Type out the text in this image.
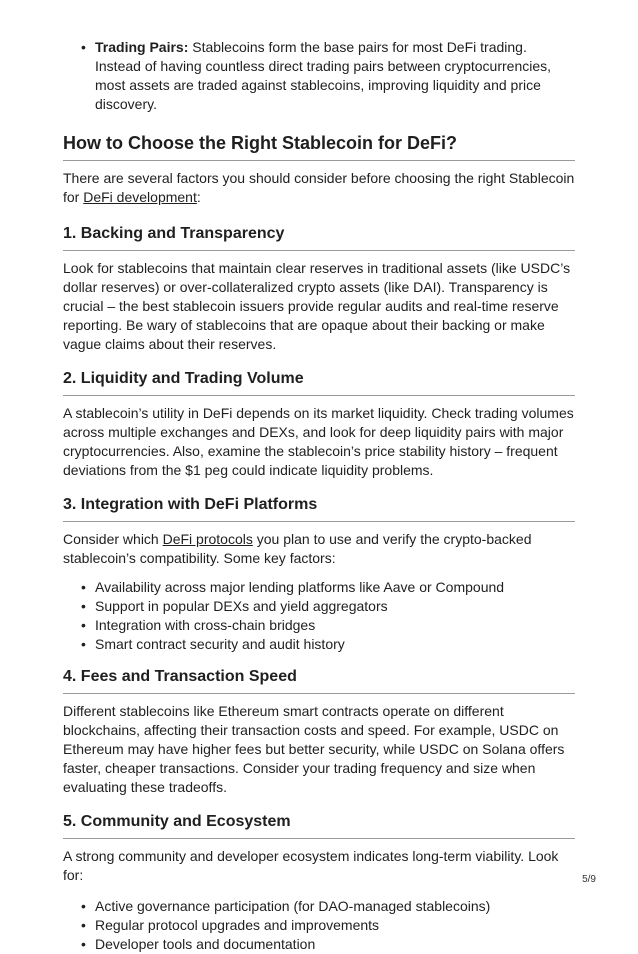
• Trading Pairs: Stablecoins form the base pairs for most DeFi trading. Instead of having countless direct trading pairs between cryptocurrencies, most assets are traded against stablecoins, improving liquidity and price discovery.
How to Choose the Right Stablecoin for DeFi?

There are several factors you should consider before choosing the right Stablecoin for DeFi development:

1. Backing and Transparency

Look for stablecoins that maintain clear reserves in traditional assets (like USDC’s dollar reserves) or over-collateralized crypto assets (like DAI). Transparency is crucial – the best stablecoin issuers provide regular audits and real-time reserve reporting. Be wary of stablecoins that are opaque about their backing or make vague claims about their reserves.

2. Liquidity and Trading Volume

A stablecoin’s utility in DeFi depends on its market liquidity. Check trading volumes across multiple exchanges and DEXs, and look for deep liquidity pairs with major cryptocurrencies. Also, examine the stablecoin’s price stability history – frequent deviations from the $1 peg could indicate liquidity problems.

3. Integration with DeFi Platforms

Consider which DeFi protocols you plan to use and verify the crypto-backed stablecoin’s compatibility. Some key factors:

• Availability across major lending platforms like Aave or Compound
• Support in popular DEXs and yield aggregators
• Integration with cross-chain bridges
• Smart contract security and audit history
4. Fees and Transaction Speed

Different stablecoins like Ethereum smart contracts operate on different blockchains, affecting their transaction costs and speed. For example, USDC on Ethereum may have higher fees but better security, while USDC on Solana offers faster, cheaper transactions. Consider your trading frequency and size when evaluating these tradeoffs.

5. Community and Ecosystem

A strong community and developer ecosystem indicates long-term viability. Look for:

• Active governance participation (for DAO-managed stablecoins)
• Regular protocol upgrades and improvements
• Developer tools and documentation
5/9
